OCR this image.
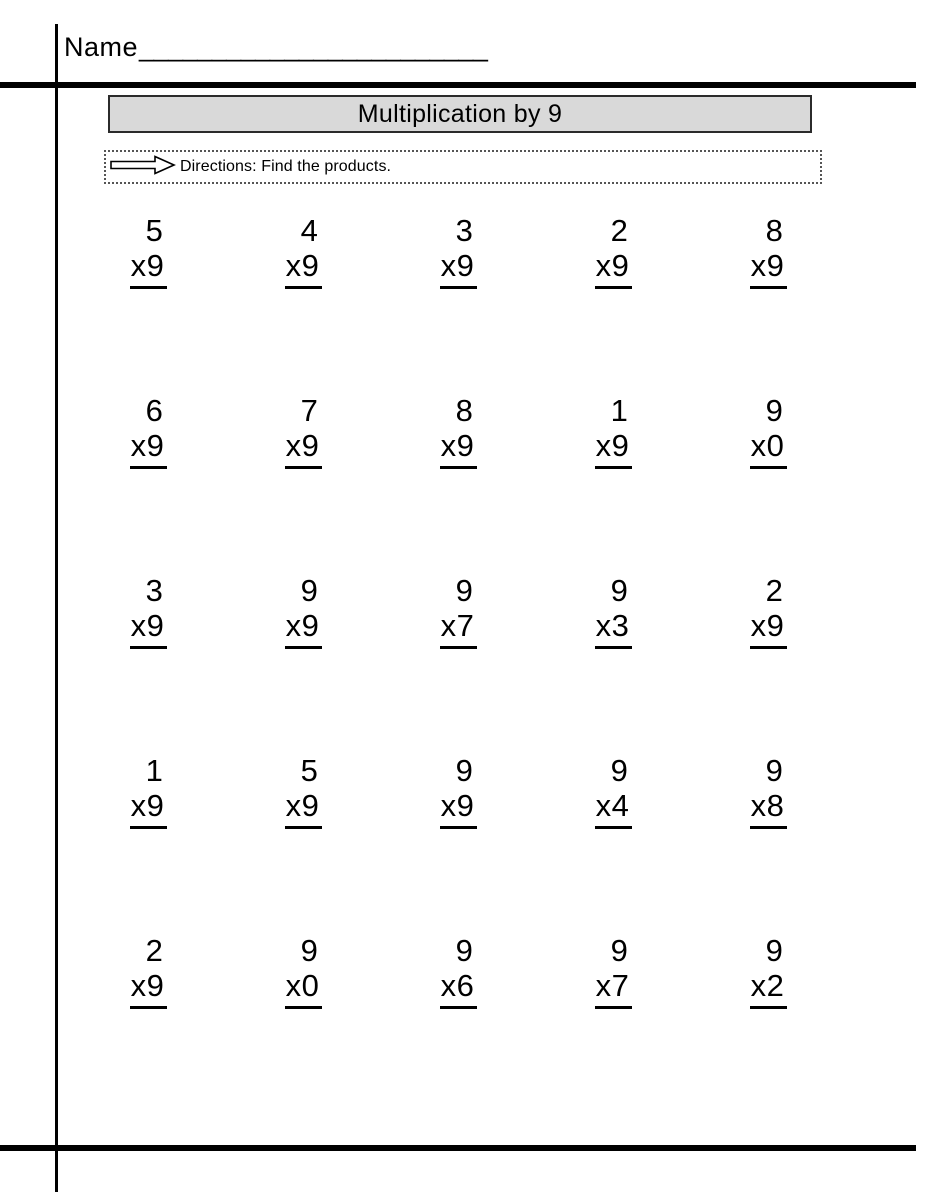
Name ________________________
Multiplication by 9
Directions: Find the products.
5
x9
4
x9
3
x9
2
x9
8
x9
6
x9
7
x9
8
x9
1
x9
9
x0
3
x9
9
x9
9
x7
9
x3
2
x9
1
x9
5
x9
9
x9
9
x4
9
x8
2
x9
9
x0
9
x6
9
x7
9
x2
